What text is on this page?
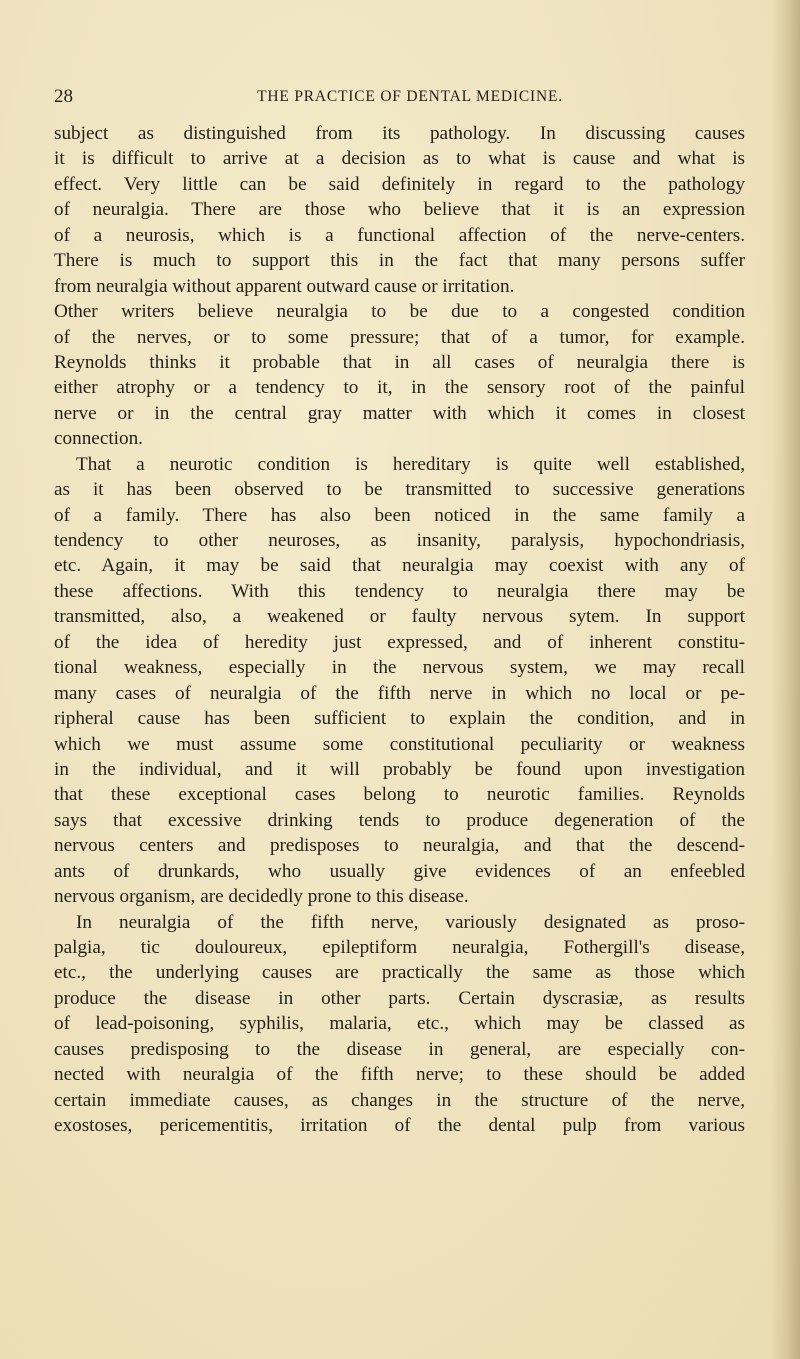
28	THE PRACTICE OF DENTAL MEDICINE.
subject as distinguished from its pathology. In discussing causes
it is difficult to arrive at a decision as to what is cause and what is
effect. Very little can be said definitely in regard to the pathology
of neuralgia. There are those who believe that it is an expression
of a neurosis, which is a functional affection of the nerve-centers.
There is much to support this in the fact that many persons suffer
from neuralgia without apparent outward cause or irritation.
Other writers believe neuralgia to be due to a congested condition
of the nerves, or to some pressure; that of a tumor, for example.
Reynolds thinks it probable that in all cases of neuralgia there is
either atrophy or a tendency to it, in the sensory root of the painful
nerve or in the central gray matter with which it comes in closest
connection.
That a neurotic condition is hereditary is quite well established,
as it has been observed to be transmitted to successive generations
of a family. There has also been noticed in the same family a
tendency to other neuroses, as insanity, paralysis, hypochondriasis,
etc. Again, it may be said that neuralgia may coexist with any of
these affections. With this tendency to neuralgia there may be
transmitted, also, a weakened or faulty nervous sytem. In support
of the idea of heredity just expressed, and of inherent constitu-
tional weakness, especially in the nervous system, we may recall
many cases of neuralgia of the fifth nerve in which no local or pe-
ripheral cause has been sufficient to explain the condition, and in
which we must assume some constitutional peculiarity or weakness
in the individual, and it will probably be found upon investigation
that these exceptional cases belong to neurotic families. Reynolds
says that excessive drinking tends to produce degeneration of the
nervous centers and predisposes to neuralgia, and that the descend-
ants of drunkards, who usually give evidences of an enfeebled
nervous organism, are decidedly prone to this disease.
In neuralgia of the fifth nerve, variously designated as proso-
palgia, tic douloureux, epileptiform neuralgia, Fothergill's disease,
etc., the underlying causes are practically the same as those which
produce the disease in other parts. Certain dyscrasiæ, as results
of lead-poisoning, syphilis, malaria, etc., which may be classed as
causes predisposing to the disease in general, are especially con-
nected with neuralgia of the fifth nerve; to these should be added
certain immediate causes, as changes in the structure of the nerve,
exostoses, pericementitis, irritation of the dental pulp from various
